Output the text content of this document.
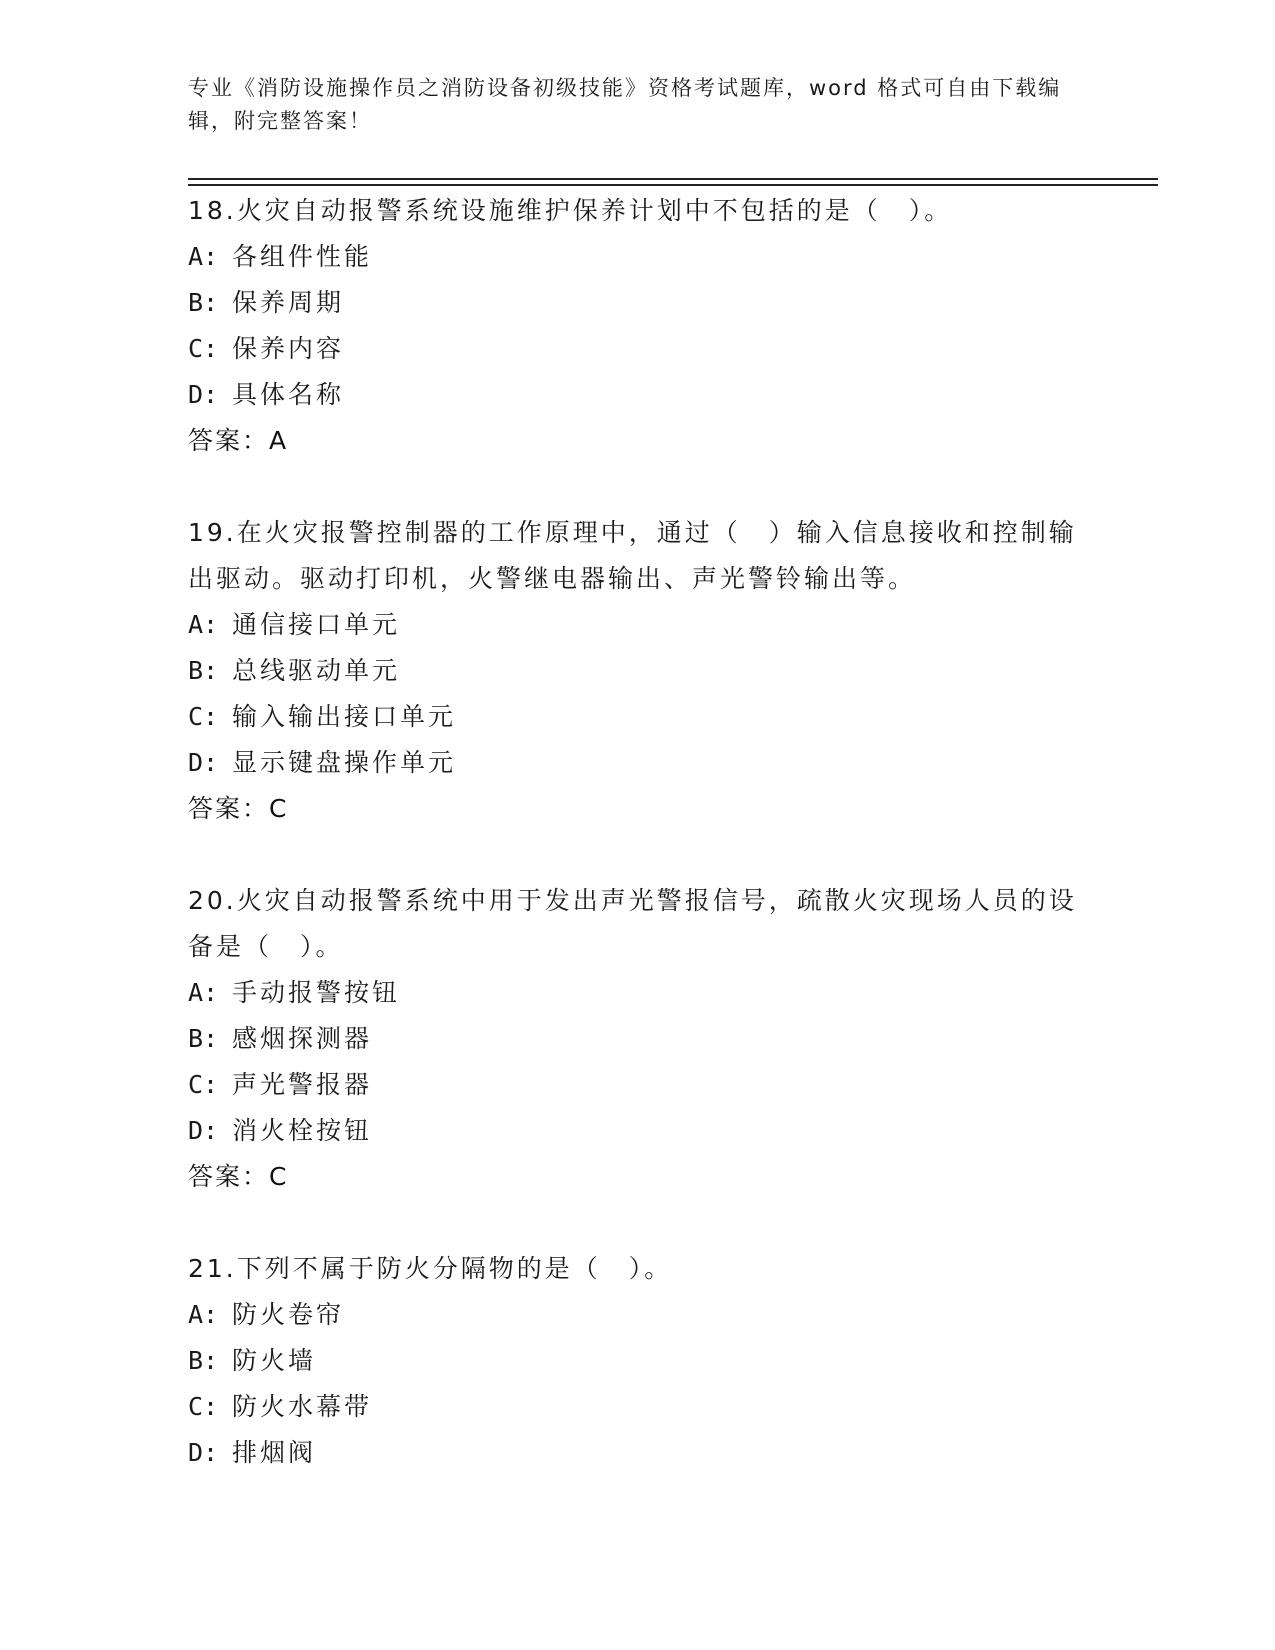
专业《消防设施操作员之消防设备初级技能》资格考试题库，word 格式可自由下载编辑，附完整答案！
18.火灾自动报警系统设施维护保养计划中不包括的是（　）。
A: 各组件性能
B: 保养周期
C: 保养内容
D: 具体名称
答案：A
19.在火灾报警控制器的工作原理中，通过（　）输入信息接收和控制输出驱动。驱动打印机，火警继电器输出、声光警铃输出等。
A: 通信接口单元
B: 总线驱动单元
C: 输入输出接口单元
D: 显示键盘操作单元
答案：C
20.火灾自动报警系统中用于发出声光警报信号，疏散火灾现场人员的设备是（　）。
A: 手动报警按钮
B: 感烟探测器
C: 声光警报器
D: 消火栓按钮
答案：C
21.下列不属于防火分隔物的是（　）。
A: 防火卷帘
B: 防火墙
C: 防火水幕带
D: 排烟阀
